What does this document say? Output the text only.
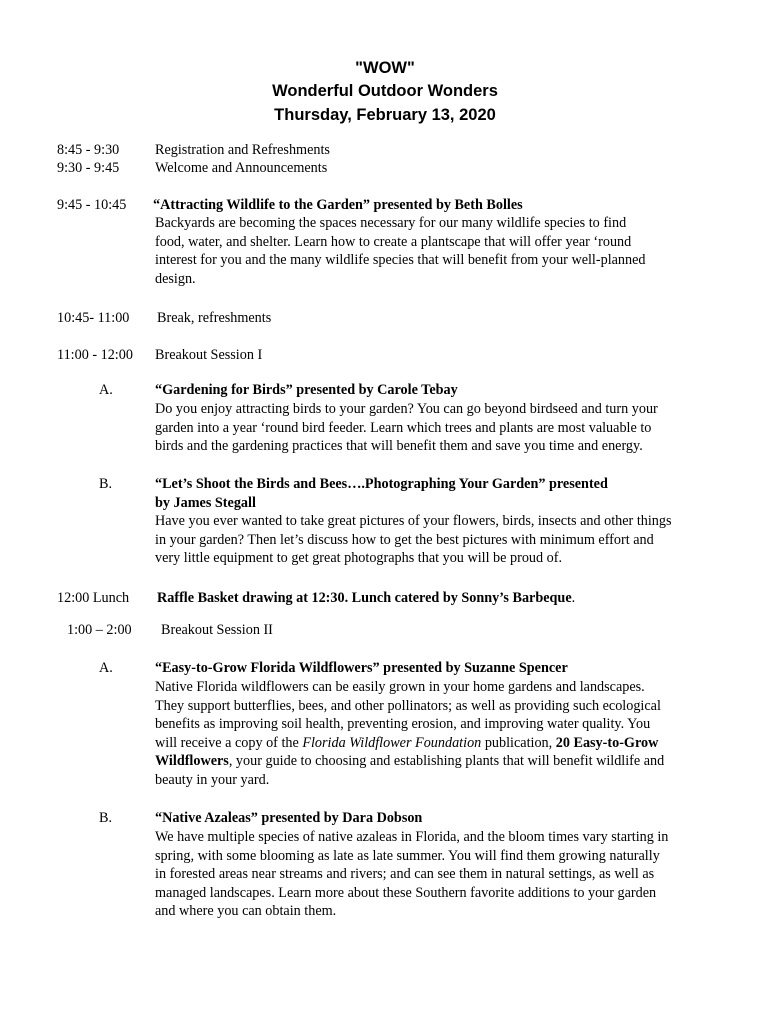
"WOW"
Wonderful Outdoor Wonders
Thursday, February 13, 2020
8:45 - 9:30	Registration and Refreshments
9:30 - 9:45	Welcome and Announcements
9:45 - 10:45 “Attracting Wildlife to the Garden” presented by Beth Bolles
Backyards are becoming the spaces necessary for our many wildlife species to find
food, water, and shelter. Learn how to create a plantscape that will offer year ‘round
interest for you and the many wildlife species that will benefit from your well-planned
design.
10:45- 11:00 Break, refreshments
11:00 - 12:00 Breakout Session I
A.	“Gardening for Birds” presented by Carole Tebay
Do you enjoy attracting birds to your garden? You can go beyond birdseed and turn your
garden into a year ‘round bird feeder. Learn which trees and plants are most valuable to
birds and the gardening practices that will benefit them and save you time and energy.
B.	“Let’s Shoot the Birds and Bees….Photographing Your Garden” presented
by James Stegall
Have you ever wanted to take great pictures of your flowers, birds, insects and other things
in your garden? Then let’s discuss how to get the best pictures with minimum effort and
very little equipment to get great photographs that you will be proud of.
12:00 Lunch Raffle Basket drawing at 12:30. Lunch catered by Sonny’s Barbeque.
1:00 – 2:00 Breakout Session II
A.	“Easy-to-Grow Florida Wildflowers” presented by Suzanne Spencer
Native Florida wildflowers can be easily grown in your home gardens and landscapes.
They support butterflies, bees, and other pollinators; as well as providing such ecological
benefits as improving soil health, preventing erosion, and improving water quality. You
will receive a copy of the Florida Wildflower Foundation publication, 20 Easy-to-Grow
Wildflowers, your guide to choosing and establishing plants that will benefit wildlife and
beauty in your yard.
B.	“Native Azaleas” presented by Dara Dobson
We have multiple species of native azaleas in Florida, and the bloom times vary starting in
spring, with some blooming as late as late summer. You will find them growing naturally
in forested areas near streams and rivers; and can see them in natural settings, as well as
managed landscapes. Learn more about these Southern favorite additions to your garden
and where you can obtain them.
